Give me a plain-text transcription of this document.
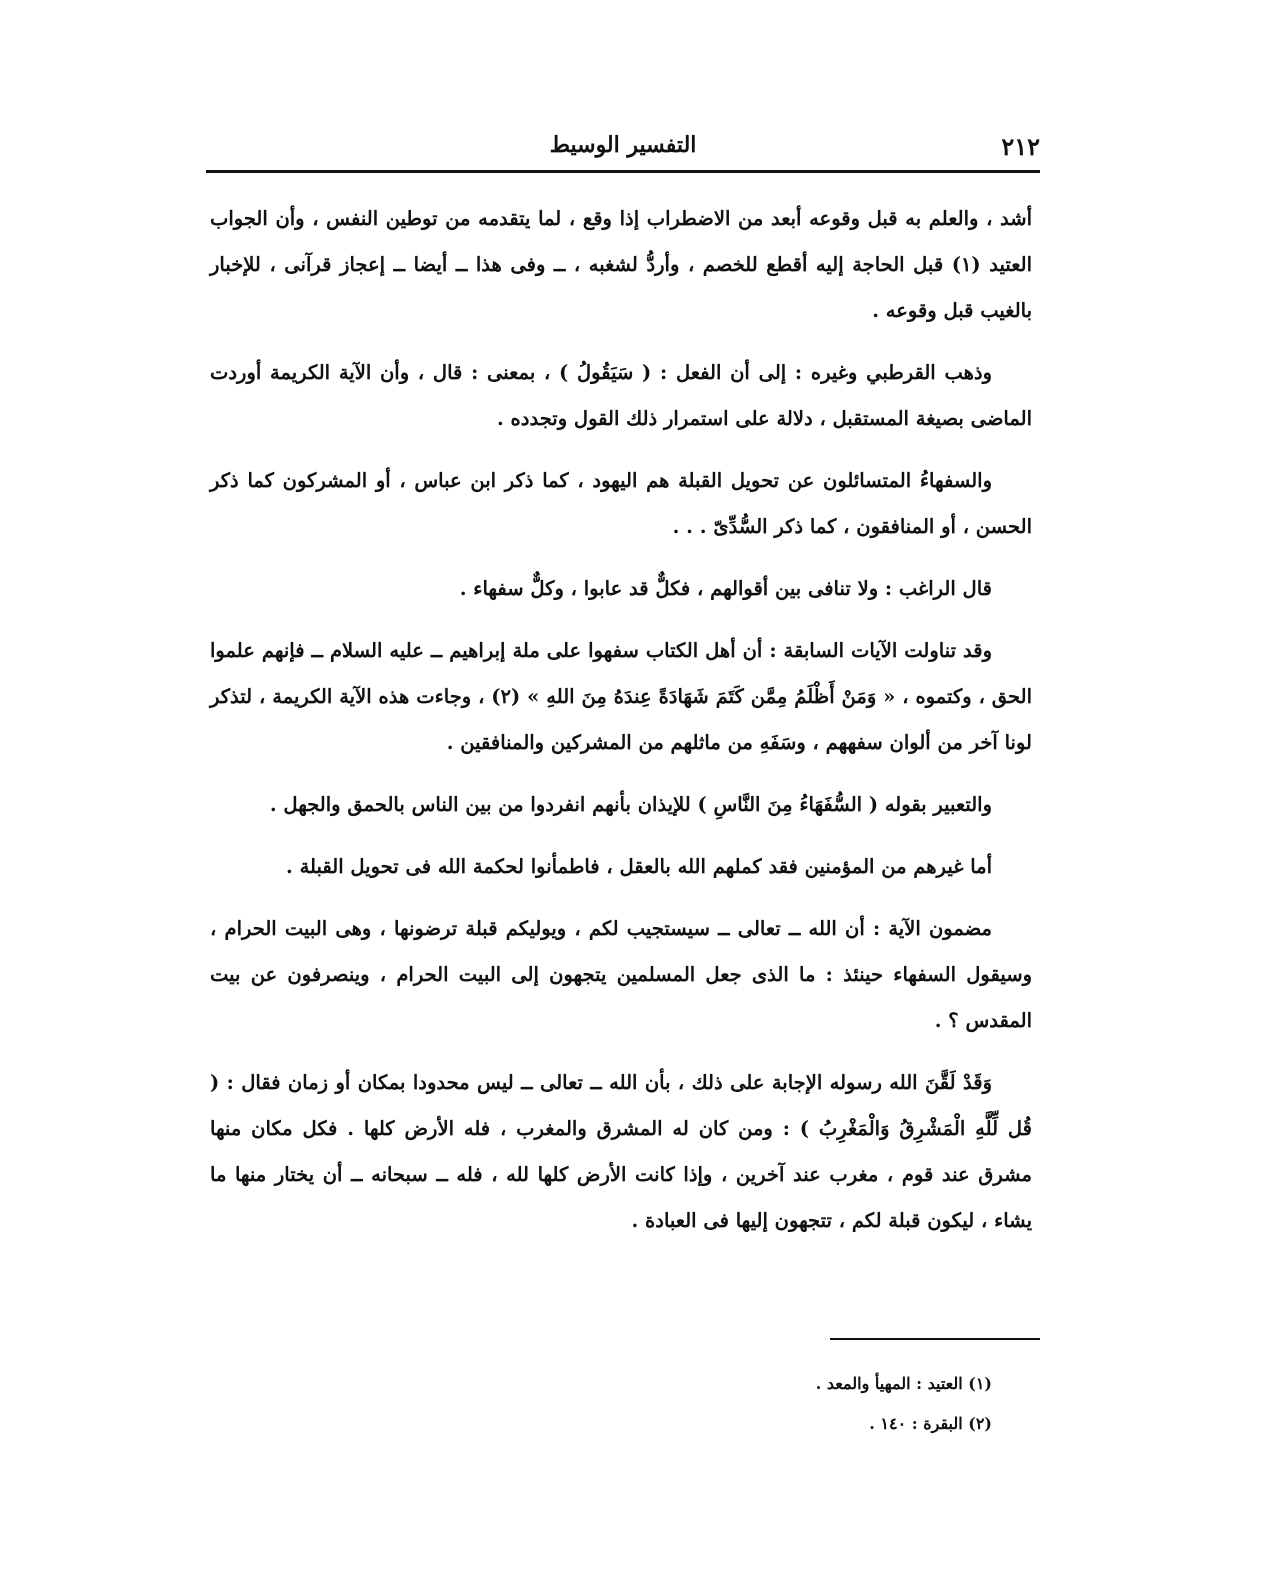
٢١٢
التفسير الوسيط

أشد ، والعلم به قبل وقوعه أبعد من الاضطراب إذا وقع ، لما يتقدمه من توطين النفس ، وأن الجواب العتيد (١) قبل الحاجة إليه أقطع للخصم ، وأردُّ لشغبه ، ــ وفى هذا ــ أيضا ــ إعجاز قرآنى ، للإخبار بالغيب قبل وقوعه .

وذهب القرطبي وغيره : إلى أن الفعل : ( سَيَقُولُ ) ، بمعنى : قال ، وأن الآية الكريمة أوردت الماضى بصيغة المستقبل ، دلالة على استمرار ذلك القول وتجدده .

والسفهاءُ المتسائلون عن تحويل القبلة هم اليهود ، كما ذكر ابن عباس ، أو المشركون كما ذكر الحسن ، أو المنافقون ، كما ذكر السُّدِّىّ . . .

قال الراغب : ولا تنافى بين أقوالهم ، فكلٌّ قد عابوا ، وكلٌّ سفهاء .

وقد تناولت الآيات السابقة : أن أهل الكتاب سفهوا على ملة إبراهيم ــ عليه السلام ــ فإنهم علموا الحق ، وكتموه ، « وَمَنْ أَظْلَمُ مِمَّن كَتَمَ شَهَادَةً عِندَهُ مِنَ اللهِ » (٢) ، وجاءت هذه الآية الكريمة ، لتذكر لونا آخر من ألوان سفههم ، وسَفَهِ من ماثلهم من المشركين والمنافقين .

والتعبير بقوله ( السُّفَهَاءُ مِنَ النَّاسِ ) للإيذان بأنهم انفردوا من بين الناس بالحمق والجهل .

أما غيرهم من المؤمنين فقد كملهم الله بالعقل ، فاطمأنوا لحكمة الله فى تحويل القبلة .

مضمون الآية : أن الله ــ تعالى ــ سيستجيب لكم ، ويوليكم قبلة ترضونها ، وهى البيت الحرام ، وسيقول السفهاء حينئذ : ما الذى جعل المسلمين يتجهون إلى البيت الحرام ، وينصرفون عن بيت المقدس ؟ .

وَقَدْ لَقَّنَ الله رسوله الإجابة على ذلك ، بأن الله ــ تعالى ــ ليس محدودا بمكان أو زمان فقال : ( قُل لِّلَّهِ الْمَشْرِقُ وَالْمَغْرِبُ ) : ومن كان له المشرق والمغرب ، فله الأرض كلها . فكل مكان منها مشرق عند قوم ، مغرب عند آخرين ، وإذا كانت الأرض كلها لله ، فله ــ سبحانه ــ أن يختار منها ما يشاء ، ليكون قبلة لكم ، تتجهون إليها فى العبادة .

(١) العتيد : المهيأ والمعد .

(٢) البقرة : ١٤٠ .
